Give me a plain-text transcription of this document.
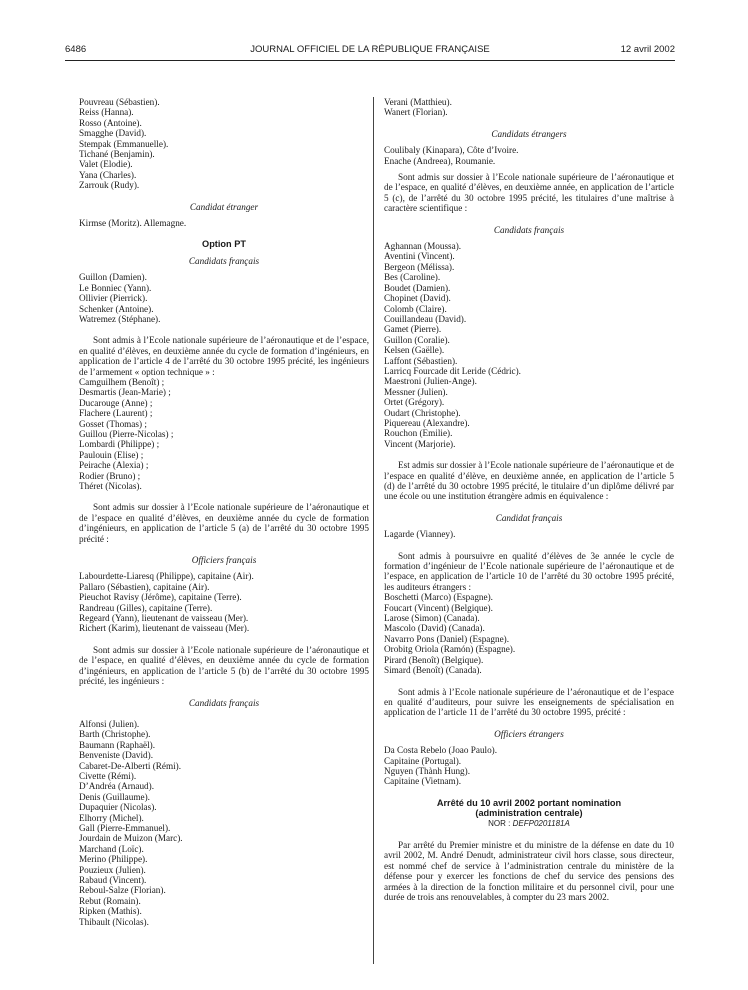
6486	JOURNAL OFFICIEL DE LA RÉPUBLIQUE FRANÇAISE	12 avril 2002
Pouvreau (Sébastien).
Reiss (Hanna).
Rosso (Antoine).
Smagghe (David).
Stempak (Emmanuelle).
Tichané (Benjamin).
Valet (Elodie).
Yana (Charles).
Zarrouk (Rudy).
Candidat étranger
Kirmse (Moritz). Allemagne.
Option PT
Candidats français
Guillon (Damien).
Le Bonniec (Yann).
Ollivier (Pierrick).
Schenker (Antoine).
Watremez (Stéphane).
Sont admis à l’Ecole nationale supérieure de l’aéronautique et de l’espace, en qualité d’élèves, en deuxième année du cycle de formation d’ingénieurs, en application de l’article 4 de l’arrêté du 30 octobre 1995 précité, les ingénieurs de l’armement « option technique » :
Camguilhem (Benoît) ;
Desmartis (Jean-Marie) ;
Ducarouge (Anne) ;
Flachere (Laurent) ;
Gosset (Thomas) ;
Guillou (Pierre-Nicolas) ;
Lombardi (Philippe) ;
Paulouin (Elise) ;
Peirache (Alexia) ;
Rodier (Bruno) ;
Théret (Nicolas).
Sont admis sur dossier à l’Ecole nationale supérieure de l’aéronautique et de l’espace en qualité d’élèves, en deuxième année du cycle de formation d’ingénieurs, en application de l’article 5 (a) de l’arrêté du 30 octobre 1995 précité :
Officiers français
Labourdette-Liaresq (Philippe), capitaine (Air).
Pallaro (Sébastien), capitaine (Air).
Pieuchot Ravisy (Jérôme), capitaine (Terre).
Randreau (Gilles), capitaine (Terre).
Regeard (Yann), lieutenant de vaisseau (Mer).
Richert (Karim), lieutenant de vaisseau (Mer).
Sont admis sur dossier à l’Ecole nationale supérieure de l’aéronautique et de l’espace, en qualité d’élèves, en deuxième année du cycle de formation d’ingénieurs, en application de l’article 5 (b) de l’arrêté du 30 octobre 1995 précité, les ingénieurs :
Candidats français
Alfonsi (Julien).
Barth (Christophe).
Baumann (Raphaël).
Benveniste (David).
Cabaret-De-Alberti (Rémi).
Civette (Rémi).
D’Andréa (Arnaud).
Denis (Guillaume).
Dupaquier (Nicolas).
Elhorry (Michel).
Gall (Pierre-Emmanuel).
Jourdain de Muizon (Marc).
Marchand (Loïc).
Merino (Philippe).
Pouzieux (Julien).
Rabaud (Vincent).
Reboul-Salze (Florian).
Rebut (Romain).
Ripken (Mathis).
Thibault (Nicolas).
Verani (Matthieu).
Wanert (Florian).
Candidats étrangers
Coulibaly (Kinapara), Côte d’Ivoire.
Enache (Andreea), Roumanie.
Sont admis sur dossier à l’Ecole nationale supérieure de l’aéronautique et de l’espace, en qualité d’élèves, en deuxième année, en application de l’article 5 (c), de l’arrêté du 30 octobre 1995 précité, les titulaires d’une maîtrise à caractère scientifique :
Candidats français
Aghannan (Moussa).
Aventini (Vincent).
Bergeon (Mélissa).
Bes (Caroline).
Boudet (Damien).
Chopinet (David).
Colomb (Claire).
Couillandeau (David).
Gamet (Pierre).
Guillon (Coralie).
Kelsen (Gaëlle).
Laffont (Sébastien).
Larricq Fourcade dit Leride (Cédric).
Maestroni (Julien-Ange).
Messner (Julien).
Ortet (Grégory).
Oudart (Christophe).
Piquereau (Alexandre).
Rouchon (Emilie).
Vincent (Marjorie).
Est admis sur dossier à l’Ecole nationale supérieure de l’aéronautique et de l’espace en qualité d’élève, en deuxième année, en application de l’article 5 (d) de l’arrêté du 30 octobre 1995 précité, le titulaire d’un diplôme délivré par une école ou une institution étrangère admis en équivalence :
Candidat français
Lagarde (Vianney).
Sont admis à poursuivre en qualité d’élèves de 3e année le cycle de formation d’ingénieur de l’Ecole nationale supérieure de l’aéronautique et de l’espace, en application de l’article 10 de l’arrêté du 30 octobre 1995 précité, les auditeurs étrangers :
Boschetti (Marco) (Espagne).
Foucart (Vincent) (Belgique).
Larose (Simon) (Canada).
Mascolo (David) (Canada).
Navarro Pons (Daniel) (Espagne).
Orobitg Oriola (Ramón) (Espagne).
Pirard (Benoît) (Belgique).
Simard (Benoît) (Canada).
Sont admis à l’Ecole nationale supérieure de l’aéronautique et de l’espace en qualité d’auditeurs, pour suivre les enseignements de spécialisation en application de l’article 11 de l’arrêté du 30 octobre 1995, précité :
Officiers étrangers
Da Costa Rebelo (Joao Paulo).
Capitaine (Portugal).
Nguyen (Thành Hung).
Capitaine (Vietnam).
Arrêté du 10 avril 2002 portant nomination
(administration centrale)
NOR : DEFP0201181A
Par arrêté du Premier ministre et du ministre de la défense en date du 10 avril 2002, M. André Denudt, administrateur civil hors classe, sous directeur, est nommé chef de service à l’administration centrale du ministère de la défense pour y exercer les fonctions de chef du service des pensions des armées à la direction de la fonction militaire et du personnel civil, pour une durée de trois ans renouvelables, à compter du 23 mars 2002.
